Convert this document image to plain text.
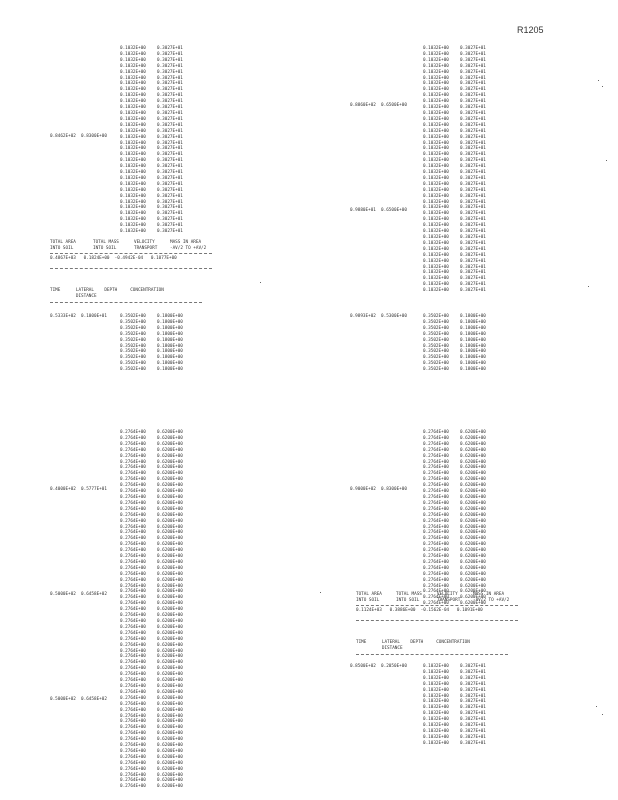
R1205
0.1032E+00
0.1032E+00
0.1032E+00
0.1032E+00
0.1032E+00
0.1032E+00
0.1032E+00
0.1032E+00
0.1032E+00
0.1032E+00
0.1032E+00
0.1032E+00
0.1032E+00
0.1032E+00
0.1032E+00
0.1032E+00
0.1032E+00
0.1032E+00
0.1032E+00
0.1032E+00
0.1032E+00
0.1032E+00
0.1032E+00
0.1032E+00
0.1032E+00
0.1032E+00
0.1032E+00
0.1032E+00
0.1032E+00
0.1032E+00
0.1032E+00
0.1032E+00
0.3027E+01
0.3027E+01
0.3027E+01
0.3027E+01
0.3027E+01
0.3027E+01
0.3027E+01
0.3027E+01
0.3027E+01
0.3027E+01
0.3027E+01
0.3027E+01
0.3027E+01
0.3027E+01
0.3027E+01
0.3027E+01
0.3027E+01
0.3027E+01
0.3027E+01
0.3027E+01
0.3027E+01
0.3027E+01
0.3027E+01
0.3027E+01
0.3027E+01
0.3027E+01
0.3027E+01
0.3027E+01
0.3027E+01
0.3027E+01
0.3027E+01
0.3027E+01
0.3502E+00
0.3502E+00
0.3502E+00
0.3502E+00
0.3502E+00
0.3502E+00
0.3502E+00
0.3502E+00
0.3502E+00
0.3502E+00
0.1800E+00
0.1800E+00
0.1800E+00
0.1800E+00
0.1800E+00
0.1800E+00
0.1800E+00
0.1800E+00
0.1800E+00
0.1800E+00
0.2764E+00
0.2764E+00
0.2764E+00
0.2764E+00
0.2764E+00
0.2764E+00
0.2764E+00
0.2764E+00
0.2764E+00
0.2764E+00
0.2764E+00
0.2764E+00
0.2764E+00
0.2764E+00
0.2764E+00
0.2764E+00
0.2764E+00
0.2764E+00
0.2764E+00
0.2764E+00
0.2764E+00
0.2764E+00
0.2764E+00
0.2764E+00
0.2764E+00
0.2764E+00
0.2764E+00
0.2764E+00
0.2764E+00
0.2764E+00
0.2764E+00
0.2764E+00
0.2764E+00
0.2764E+00
0.2764E+00
0.2764E+00
0.2764E+00
0.2764E+00
0.2764E+00
0.2764E+00
0.2764E+00
0.2764E+00
0.2764E+00
0.2764E+00
0.2764E+00
0.2764E+00
0.2764E+00
0.2764E+00
0.2764E+00
0.2764E+00
0.2764E+00
0.2764E+00
0.2764E+00
0.2764E+00
0.2764E+00
0.2764E+00
0.2764E+00
0.2764E+00
0.2764E+00
0.2764E+00
0.2764E+00
0.6200E+00
0.6200E+00
0.6200E+00
0.6200E+00
0.6200E+00
0.6200E+00
0.6200E+00
0.6200E+00
0.6200E+00
0.6200E+00
0.6200E+00
0.6200E+00
0.6200E+00
0.6200E+00
0.6200E+00
0.6200E+00
0.6200E+00
0.6200E+00
0.6200E+00
0.6200E+00
0.6200E+00
0.6200E+00
0.6200E+00
0.6200E+00
0.6200E+00
0.6200E+00
0.6200E+00
0.6200E+00
0.6200E+00
0.6200E+00
0.6200E+00
0.6200E+00
0.6200E+00
0.6200E+00
0.6200E+00
0.6200E+00
0.6200E+00
0.6200E+00
0.6200E+00
0.6200E+00
0.6200E+00
0.6200E+00
0.6200E+00
0.6200E+00
0.6200E+00
0.6200E+00
0.6200E+00
0.6200E+00
0.6200E+00
0.6200E+00
0.6200E+00
0.6200E+00
0.6200E+00
0.6200E+00
0.6200E+00
0.6200E+00
0.6200E+00
0.6200E+00
0.6200E+00
0.6200E+00
0.6200E+00
0.1032E+00
0.1032E+00
0.1032E+00
0.1032E+00
0.1032E+00
0.1032E+00
0.1032E+00
0.1032E+00
0.1032E+00
0.1032E+00
0.1032E+00
0.1032E+00
0.1032E+00
0.1032E+00
0.1032E+00
0.1032E+00
0.1032E+00
0.1032E+00
0.1032E+00
0.1032E+00
0.1032E+00
0.1032E+00
0.1032E+00
0.1032E+00
0.1032E+00
0.1032E+00
0.1032E+00
0.1032E+00
0.1032E+00
0.1032E+00
0.1032E+00
0.1032E+00
0.1032E+00
0.1032E+00
0.1032E+00
0.1032E+00
0.1032E+00
0.1032E+00
0.1032E+00
0.1032E+00
0.1032E+00
0.1032E+00
0.3027E+01
0.3027E+01
0.3027E+01
0.3027E+01
0.3027E+01
0.3027E+01
0.3027E+01
0.3027E+01
0.3027E+01
0.3027E+01
0.3027E+01
0.3027E+01
0.3027E+01
0.3027E+01
0.3027E+01
0.3027E+01
0.3027E+01
0.3027E+01
0.3027E+01
0.3027E+01
0.3027E+01
0.3027E+01
0.3027E+01
0.3027E+01
0.3027E+01
0.3027E+01
0.3027E+01
0.3027E+01
0.3027E+01
0.3027E+01
0.3027E+01
0.3027E+01
0.3027E+01
0.3027E+01
0.3027E+01
0.3027E+01
0.3027E+01
0.3027E+01
0.3027E+01
0.3027E+01
0.3027E+01
0.3027E+01
0.3502E+00
0.3502E+00
0.3502E+00
0.3502E+00
0.3502E+00
0.3502E+00
0.3502E+00
0.3502E+00
0.3502E+00
0.3502E+00
0.1800E+00
0.1800E+00
0.1800E+00
0.1800E+00
0.1800E+00
0.1800E+00
0.1800E+00
0.1800E+00
0.1800E+00
0.1800E+00
0.2764E+00
0.2764E+00
0.2764E+00
0.2764E+00
0.2764E+00
0.2764E+00
0.2764E+00
0.2764E+00
0.2764E+00
0.2764E+00
0.2764E+00
0.2764E+00
0.2764E+00
0.2764E+00
0.2764E+00
0.2764E+00
0.2764E+00
0.2764E+00
0.2764E+00
0.2764E+00
0.2764E+00
0.2764E+00
0.2764E+00
0.2764E+00
0.2764E+00
0.2764E+00
0.2764E+00
0.2764E+00
0.2764E+00
0.2764E+00
0.6200E+00
0.6200E+00
0.6200E+00
0.6200E+00
0.6200E+00
0.6200E+00
0.6200E+00
0.6200E+00
0.6200E+00
0.6200E+00
0.6200E+00
0.6200E+00
0.6200E+00
0.6200E+00
0.6200E+00
0.6200E+00
0.6200E+00
0.6200E+00
0.6200E+00
0.6200E+00
0.6200E+00
0.6200E+00
0.6200E+00
0.6200E+00
0.6200E+00
0.6200E+00
0.6200E+00
0.6200E+00
0.6200E+00
0.6200E+00
0.1032E+00
0.1032E+00
0.1032E+00
0.1032E+00
0.1032E+00
0.1032E+00
0.1032E+00
0.1032E+00
0.1032E+00
0.1032E+00
0.1032E+00
0.1032E+00
0.1032E+00
0.1032E+00
0.3027E+01
0.3027E+01
0.3027E+01
0.3027E+01
0.3027E+01
0.3027E+01
0.3027E+01
0.3027E+01
0.3027E+01
0.3027E+01
0.3027E+01
0.3027E+01
0.3027E+01
0.3027E+01
0.8462E+02  0.8300E+00
0.5333E+02  0.1000E+01
0.4000E+02  0.5777E+01
0.5000E+02  0.6458E+02
0.5000E+02  0.6458E+02
0.8860E+02  0.6500E+00
0.9880E+01  0.6500E+00
0.9893E+02  0.5300E+00
0.9000E+02  0.8300E+00
0.8500E+02  0.2050E+00
TOTAL AREA
INTO SOIL
TOTAL MASS
INTO SOIL
VELOCITY
TRANSPORT
MASS IN AREA
-AV/2 TO +AV/2
0.4867E+03   0.1824E+00  -0.4942E-04   0.1077E+00
TIME      LATERAL    DEPTH     CONCENTRATION
DISTANCE
TOTAL AREA
INTO SOIL
TOTAL MASS
INTO SOIL
VELOCITY
TRANSPORT
MASS IN AREA
-AV/2 TO +AV/2
0.1124E+03   0.3886E+00  -0.1562E-04   0.1091E+00
TIME      LATERAL    DEPTH     CONCENTRATION
DISTANCE
